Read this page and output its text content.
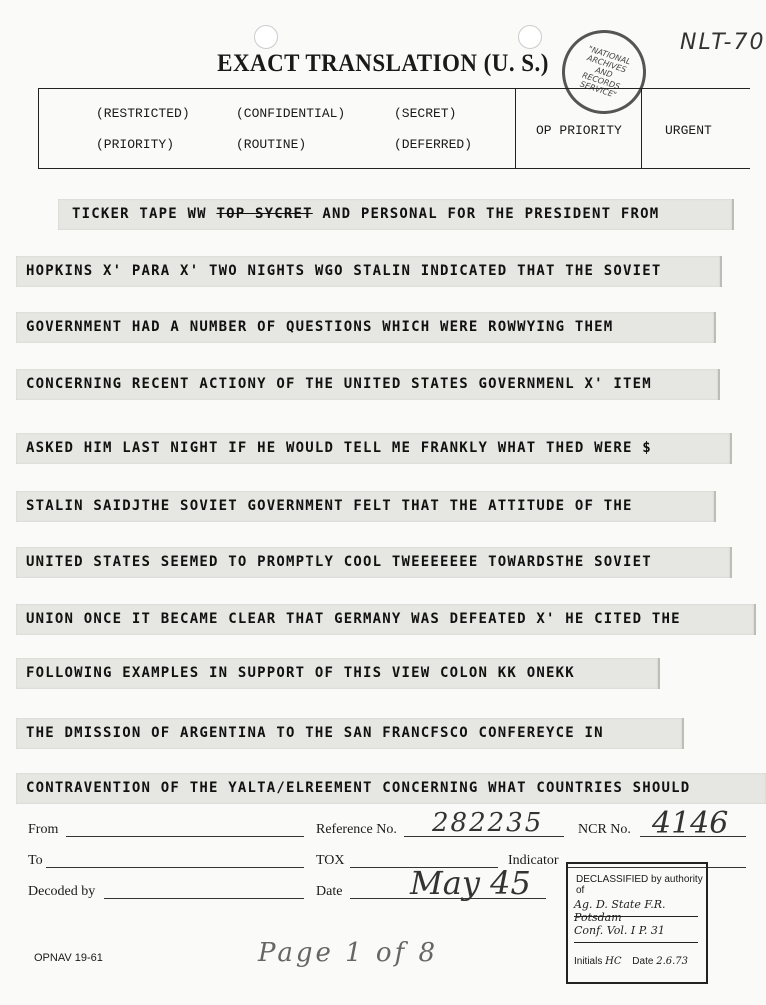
EXACT TRANSLATION (U. S.)
NLT-70
"NATIONAL ARCHIVES AND RECORDS SERVICE"
(RESTRICTED)	(CONFIDENTIAL)	(SECRET)
(PRIORITY)	(ROUTINE)	(DEFERRED)
OP PRIORITY	URGENT
TICKER TAPE WW TOP SYCRET AND PERSONAL FOR THE PRESIDENT FROM
HOPKINS X' PARA X' TWO NIGHTS WGO STALIN INDICATED THAT THE SOVIET
GOVERNMENT HAD A NUMBER OF QUESTIONS WHICH WERE ROWWYING THEM
CONCERNING RECENT ACTIONY OF THE UNITED STATES GOVERNMENL X' ITEM
ASKED HIM LAST NIGHT IF HE WOULD TELL ME FRANKLY WHAT THED WERE $
STALIN SAIDJTHE SOVIET GOVERNMENT FELT THAT THE ATTITUDE OF THE
UNITED STATES SEEMED TO PROMPTLY COOL TWEEEEEEE TOWARDSTHE SOVIET
UNION ONCE IT BECAME CLEAR THAT GERMANY WAS DEFEATED X' HE CITED THE
FOLLOWING EXAMPLES IN SUPPORT OF THIS VIEW COLON KK ONEKK
THE DMISSION OF ARGENTINA TO THE SAN FRANCFSCO CONFEREYCE IN
CONTRAVENTION OF THE YALTA/ELREEMENT CONCERNING WHAT COUNTRIES SHOULD
From	Reference No. 282235 NCR No. 4146
To	TOX	Indicator
Decoded by	Date May 45
OPNAV 19-61	Page 1 of 8
DECLASSIFIED by authority of
Ag. D. State F.R. Potsdam
Conf. Vol. I P. 31
Initials HC Date 2.6.73
